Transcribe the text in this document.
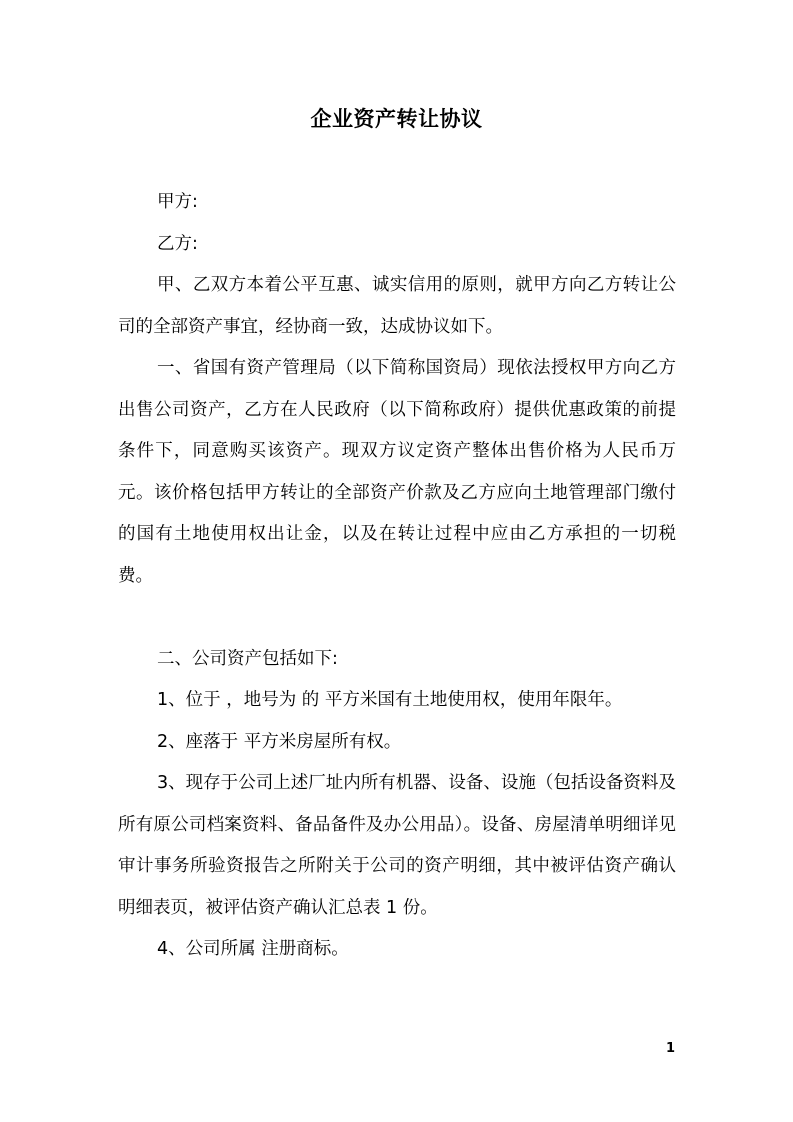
企业资产转让协议

甲方:

乙方:

甲、乙双方本着公平互惠、诚实信用的原则，就甲方向乙方转让公司的全部资产事宜，经协商一致，达成协议如下。

一、省国有资产管理局（以下简称国资局）现依法授权甲方向乙方出售公司资产，乙方在人民政府（以下简称政府）提供优惠政策的前提条件下，同意购买该资产。现双方议定资产整体出售价格为人民币万元。该价格包括甲方转让的全部资产价款及乙方应向土地管理部门缴付的国有土地使用权出让金，以及在转让过程中应由乙方承担的一切税费。

二、公司资产包括如下:

1、位于 ，地号为 的 平方米国有土地使用权，使用年限年。

2、座落于 平方米房屋所有权。

3、现存于公司上述厂址内所有机器、设备、设施（包括设备资料及所有原公司档案资料、备品备件及办公用品）。设备、房屋清单明细详见审计事务所验资报告之所附关于公司的资产明细，其中被评估资产确认明细表页，被评估资产确认汇总表 1 份。

4、公司所属 注册商标。

1
